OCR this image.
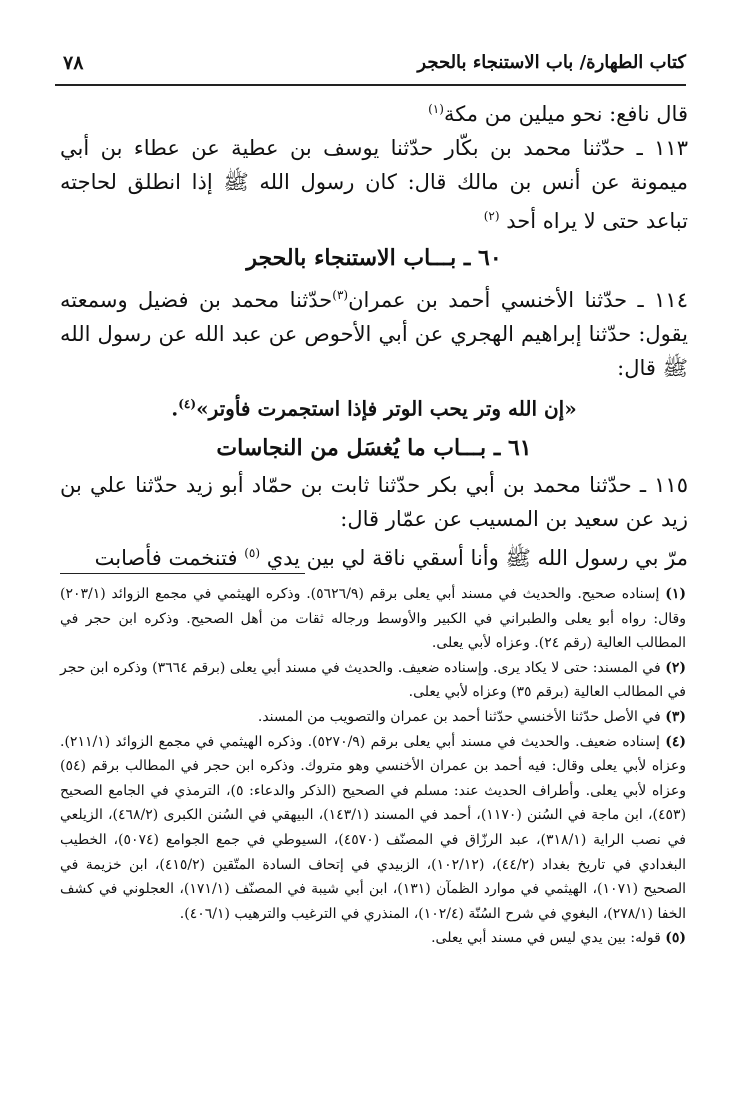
كتاب الطهارة/ باب الاستنجاء بالحجر
٧٨

قال نافع: نحو ميلين من مكة$^{(١)}$

١١٣ ـ حدّثنا محمد بن بكّار حدّثنا يوسف بن عطية عن عطاء بن أبي ميمونة عن أنس بن مالك قال: كان رسول الله ﷺ إذا انطلق لحاجته تباعد حتى لا يراه أحد $^{(٢)}$

٦٠ ـ بـــاب الاستنجاء بالحجر

١١٤ ـ حدّثنا الأخنسي أحمد بن عمران$^{(٣)}$حدّثنا محمد بن فضيل وسمعته يقول: حدّثنا إبراهيم الهجري عن أبي الأحوص عن عبد الله عن رسول الله ﷺ قال:

«إن الله وتر يحب الوتر فإذا استجمرت فأوتر»$^{(٤)}$.

٦١ ـ بـــاب ما يُغسَل من النجاسات

١١٥ ـ حدّثنا محمد بن أبي بكر حدّثنا ثابت بن حمّاد أبو زيد حدّثنا علي بن زيد عن سعيد بن المسيب عن عمّار قال:

مرّ بي رسول الله ﷺ وأنا أسقي ناقة لي بين يدي $^{(٥)}$ فتنخمت فأصابت

(١) إسناده صحيح. والحديث في مسند أبي يعلى برقم (٥٦٢٦/٩). وذكره الهيثمي في مجمع الزوائد (٢٠٣/١) وقال: رواه أبو يعلى والطبراني في الكبير والأوسط ورجاله ثقات من أهل الصحيح. وذكره ابن حجر في المطالب العالية (رقم ٢٤). وعزاه لأبي يعلى.

(٢) في المسند: حتى لا يكاد يرى. وإسناده ضعيف. والحديث في مسند أبي يعلى (برقم ٣٦٦٤) وذكره ابن حجر في المطالب العالية (برقم ٣٥) وعزاه لأبي يعلى.

(٣) في الأصل حدّثنا الأخنسي حدّثنا أحمد بن عمران والتصويب من المسند.

(٤) إسناده ضعيف. والحديث في مسند أبي يعلى برقم (٥٢٧٠/٩). وذكره الهيثمي في مجمع الزوائد (٢١١/١). وعزاه لأبي يعلى وقال: فيه أحمد بن عمران الأخنسي وهو متروك. وذكره ابن حجر في المطالب برقم (٥٤) وعزاه لأبي يعلى. وأطراف الحديث عند: مسلم في الصحيح (الذكر والدعاء: ٥)، الترمذي في الجامع الصحيح (٤٥٣)، ابن ماجة في السُنن (١١٧٠)، أحمد في المسند (١٤٣/١)، البيهقي في السُنن الكبرى (٤٦٨/٢)، الزيلعي في نصب الراية (٣١٨/١)، عبد الرزّاق في المصنّف (٤٥٧٠)، السيوطي في جمع الجوامع (٥٠٧٤)، الخطيب البغدادي في تاريخ بغداد (٤٤/٢)، (١٠٢/١٢)، الزبيدي في إتحاف السادة المتّقين (٤١٥/٢)، ابن خزيمة في الصحيح (١٠٧١)، الهيثمي في موارد الظمآن (١٣١)، ابن أبي شيبة في المصنّف (١٧١/١)، العجلوني في كشف الخفا (٢٧٨/١)، البغوي في شرح السُنّة (١٠٢/٤)، المنذري في الترغيب والترهيب (٤٠٦/١).

(٥) قوله: بين يدي ليس في مسند أبي يعلى.
